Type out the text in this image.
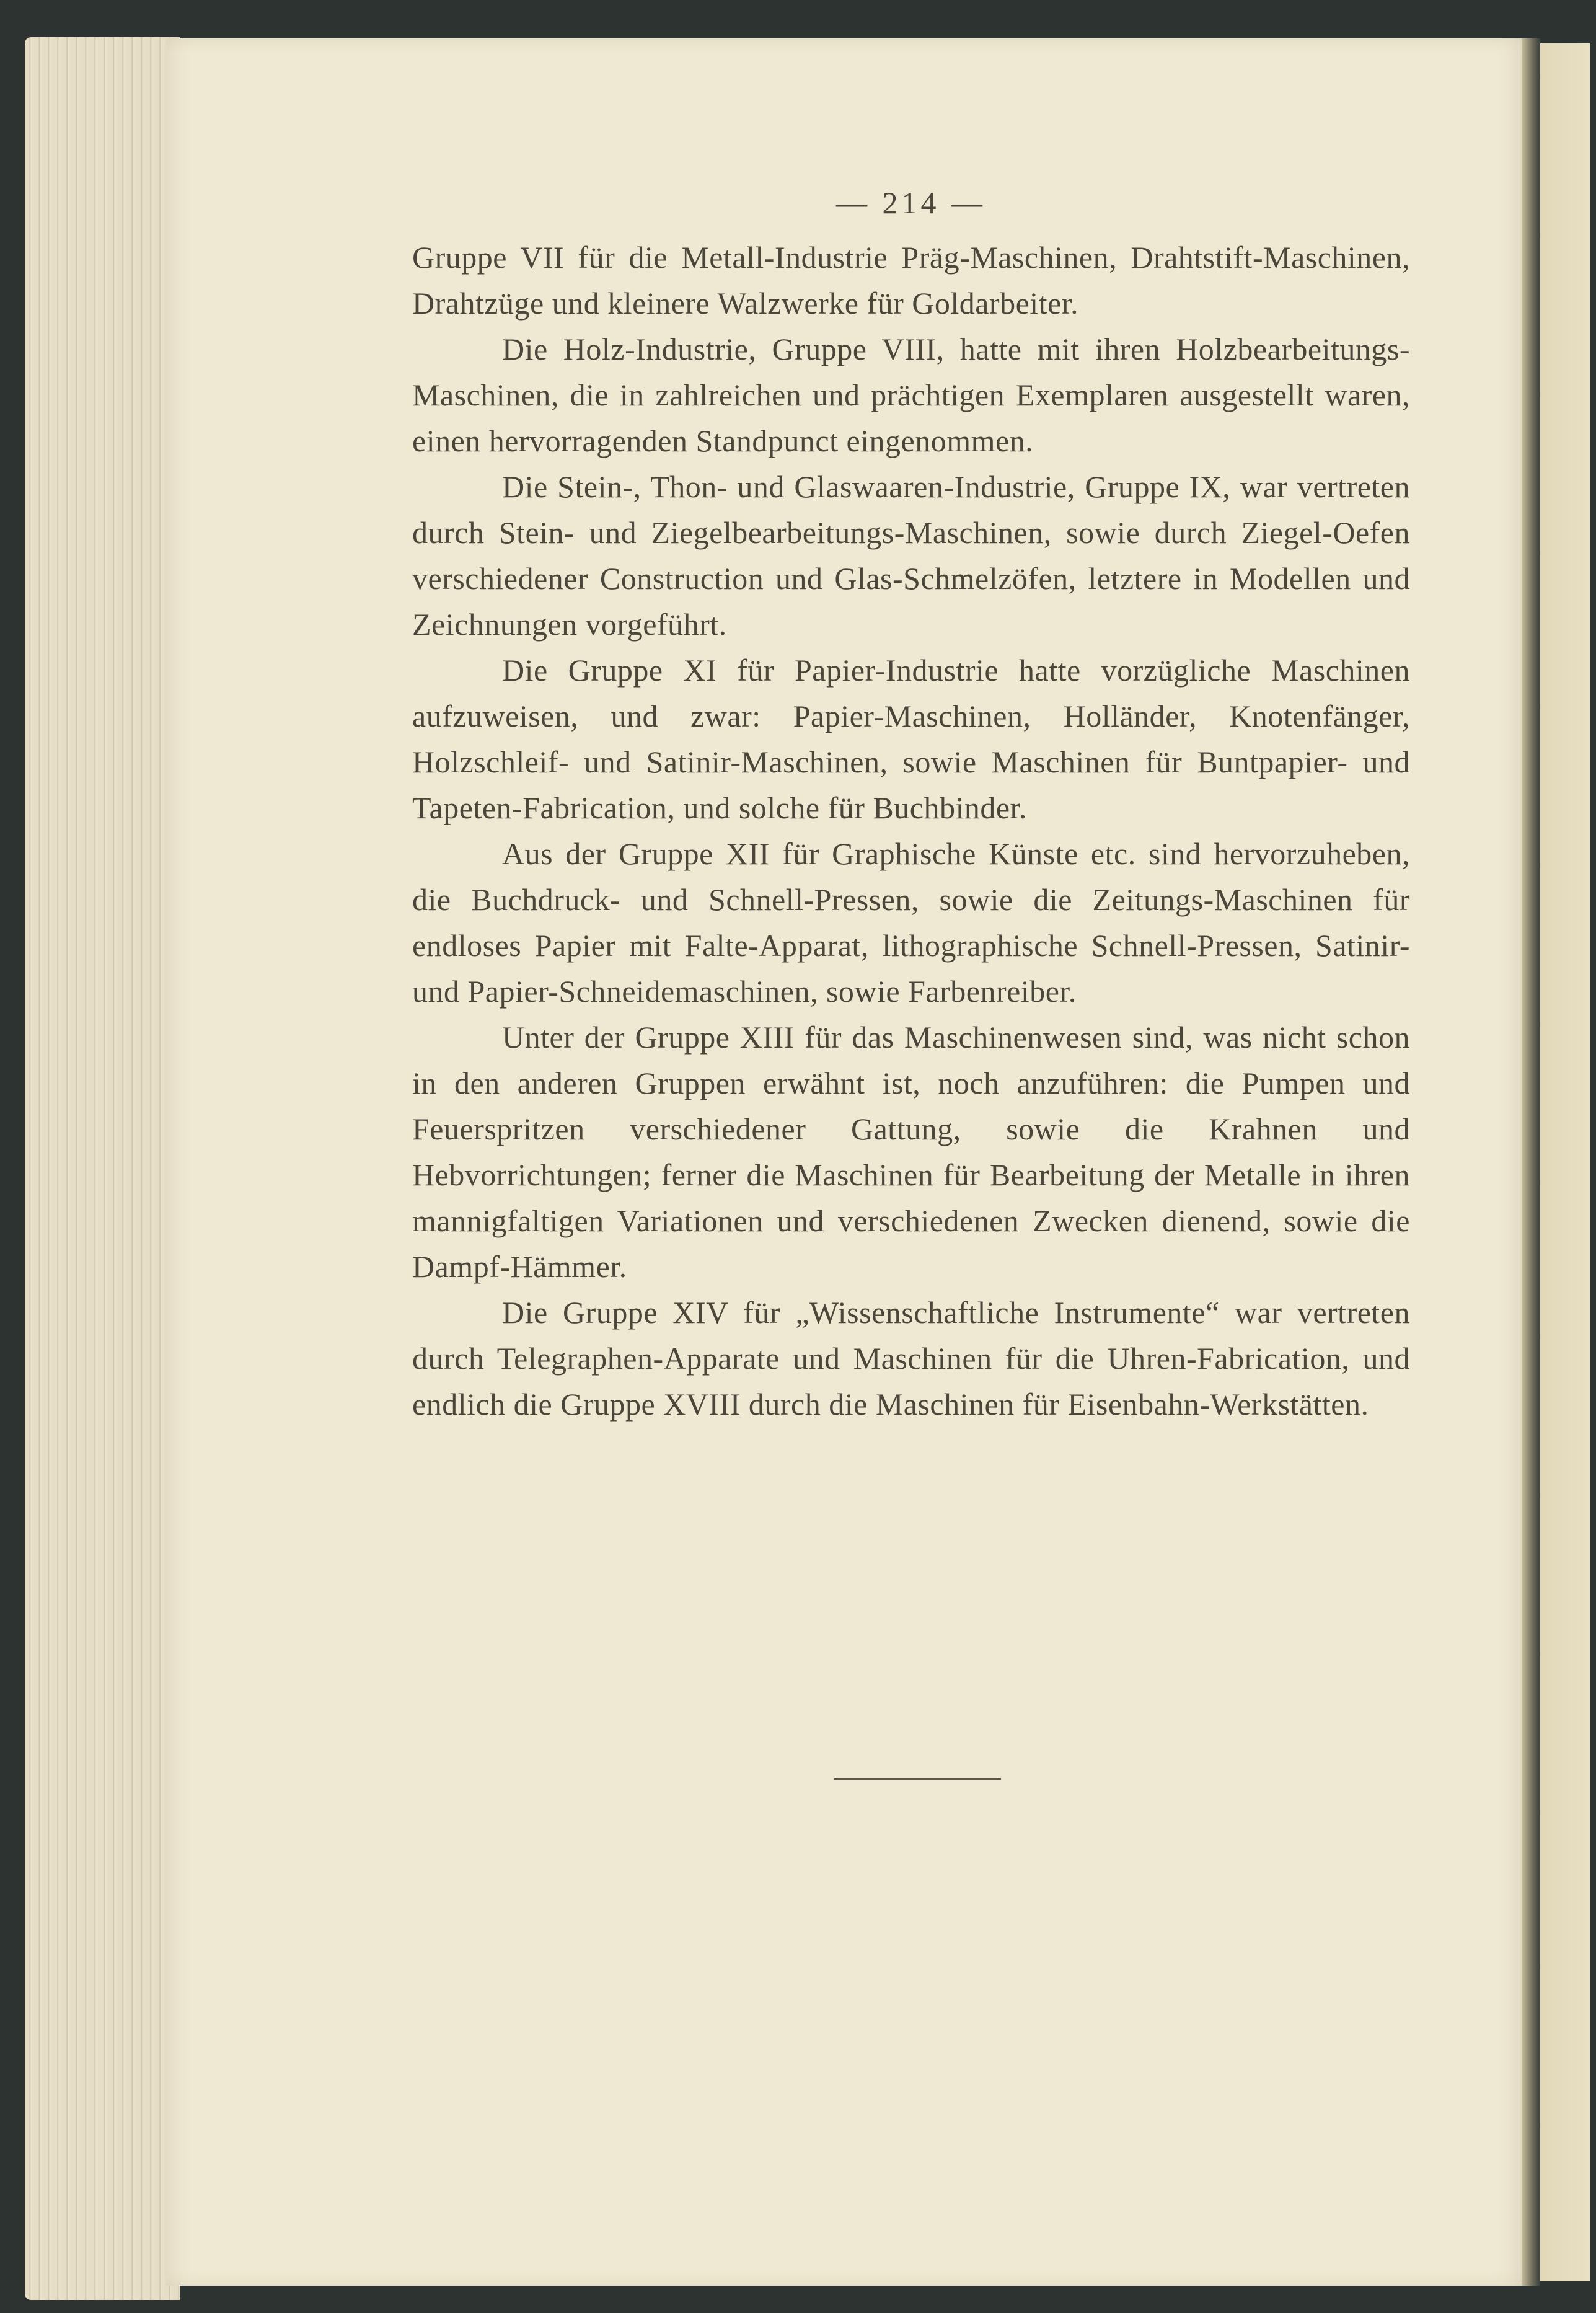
— 214 —

Gruppe VII für die Metall-Industrie Präg-Maschinen, Drahtstift-Maschinen, Drahtzüge und kleinere Walzwerke für Goldarbeiter.

Die Holz-Industrie, Gruppe VIII, hatte mit ihren Holzbearbeitungs-Maschinen, die in zahlreichen und prächtigen Exemplaren ausgestellt waren, einen hervorragenden Standpunct eingenommen.

Die Stein-, Thon- und Glaswaaren-Industrie, Gruppe IX, war vertreten durch Stein- und Ziegelbearbeitungs-Maschinen, sowie durch Ziegel-Oefen verschiedener Construction und Glas-Schmelzöfen, letztere in Modellen und Zeichnungen vorgeführt.

Die Gruppe XI für Papier-Industrie hatte vorzügliche Maschinen aufzuweisen, und zwar: Papier-Maschinen, Holländer, Knotenfänger, Holzschleif- und Satinir-Maschinen, sowie Maschinen für Buntpapier- und Tapeten-Fabrication, und solche für Buchbinder.

Aus der Gruppe XII für Graphische Künste etc. sind hervorzuheben, die Buchdruck- und Schnell-Pressen, sowie die Zeitungs-Maschinen für endloses Papier mit Falte-Apparat, lithographische Schnell-Pressen, Satinir- und Papier-Schneidemaschinen, sowie Farbenreiber.

Unter der Gruppe XIII für das Maschinenwesen sind, was nicht schon in den anderen Gruppen erwähnt ist, noch anzuführen: die Pumpen und Feuerspritzen verschiedener Gattung, sowie die Krahnen und Hebvorrichtungen; ferner die Maschinen für Bearbeitung der Metalle in ihren mannigfaltigen Variationen und verschiedenen Zwecken dienend, sowie die Dampf-Hämmer.

Die Gruppe XIV für „Wissenschaftliche Instrumente“ war vertreten durch Telegraphen-Apparate und Maschinen für die Uhren-Fabrication, und endlich die Gruppe XVIII durch die Maschinen für Eisenbahn-Werkstätten.
